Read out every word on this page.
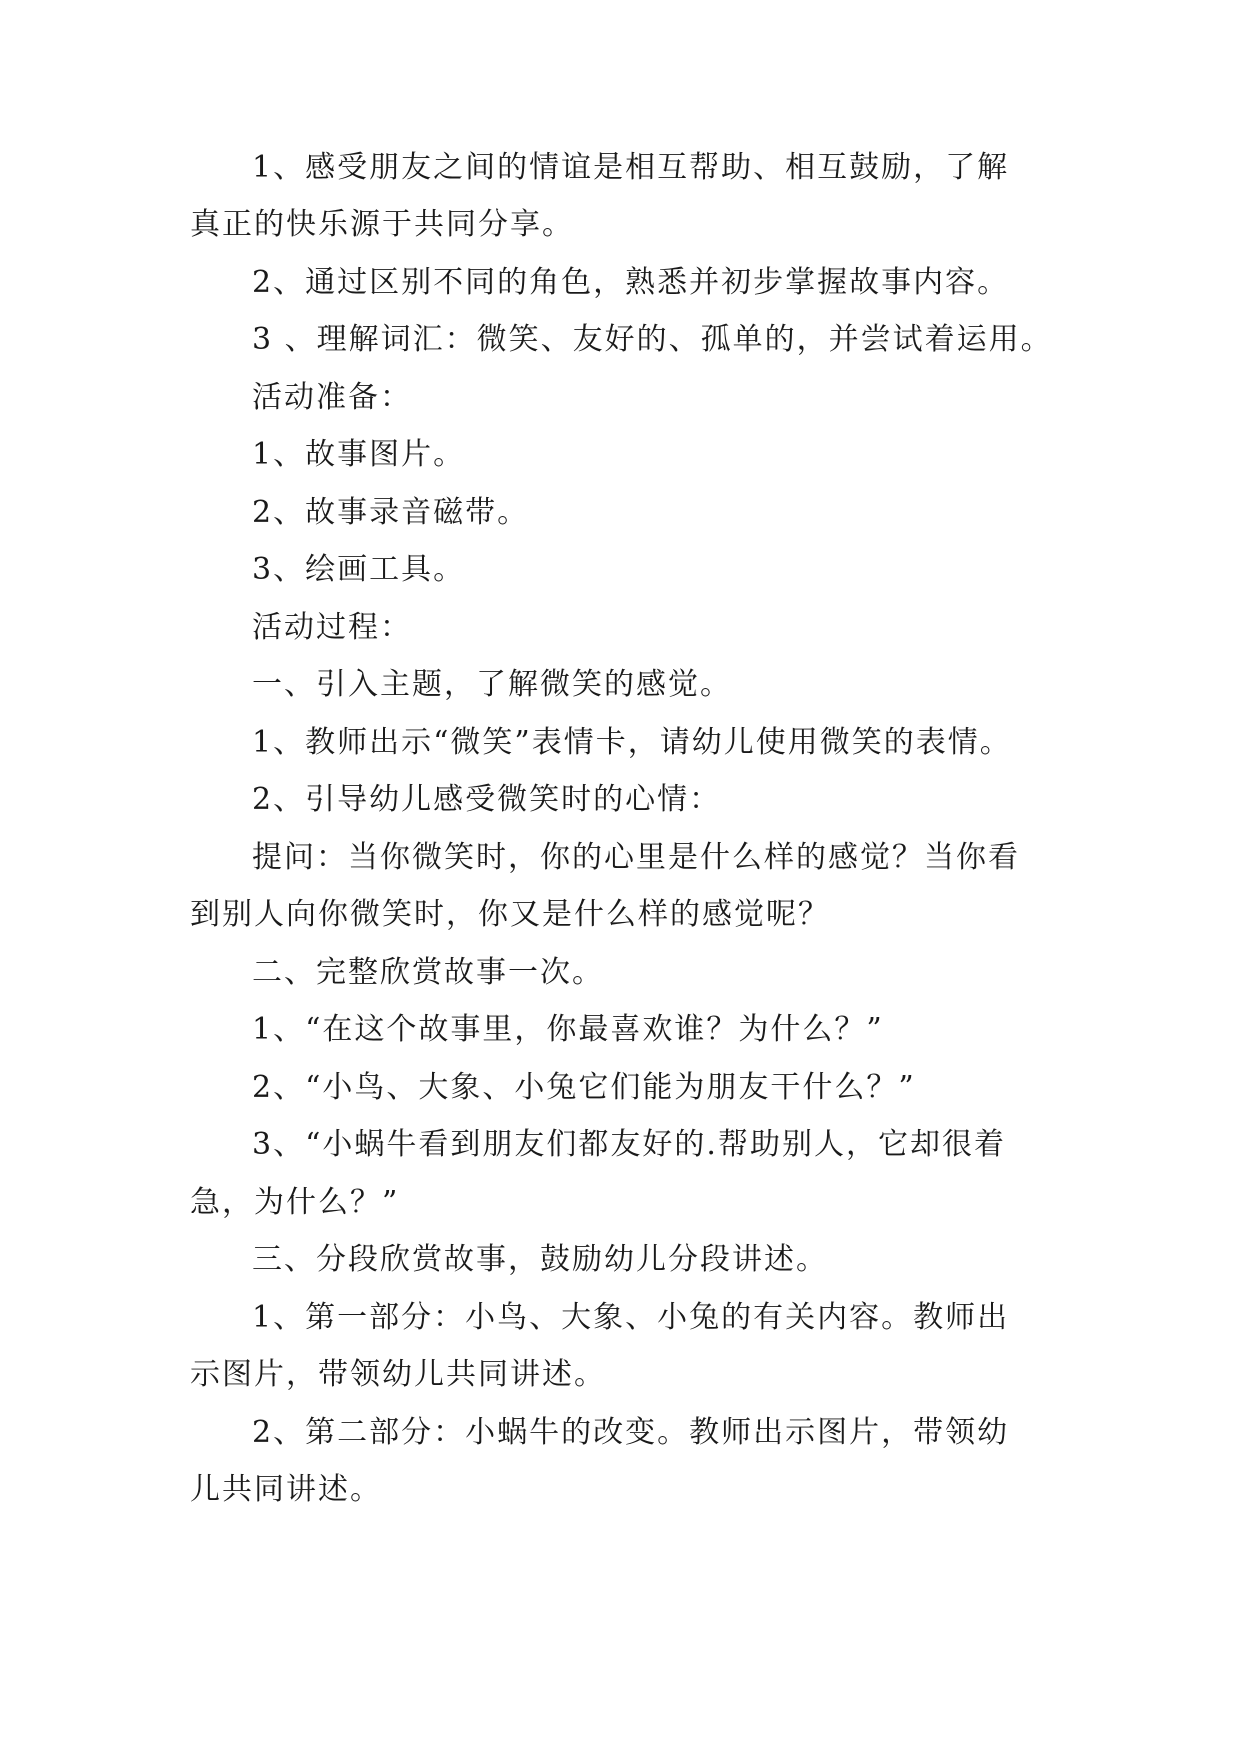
1、感受朋友之间的情谊是相互帮助、相互鼓励，了解
真正的快乐源于共同分享。
2、通过区别不同的角色，熟悉并初步掌握故事内容。
3 、理解词汇：微笑、友好的、孤单的，并尝试着运用。
活动准备：
1、故事图片。
2、故事录音磁带。
3、绘画工具。
活动过程：
一、引入主题，了解微笑的感觉。
1、教师出示“微笑”表情卡，请幼儿使用微笑的表情。
2、引导幼儿感受微笑时的心情：
提问：当你微笑时，你的心里是什么样的感觉？当你看
到别人向你微笑时，你又是什么样的感觉呢？
二、完整欣赏故事一次。
1、“在这个故事里，你最喜欢谁？为什么？”
2、“小鸟、大象、小兔它们能为朋友干什么？”
3、“小蜗牛看到朋友们都友好的.帮助别人，它却很着
急，为什么？”
三、分段欣赏故事，鼓励幼儿分段讲述。
1、第一部分：小鸟、大象、小兔的有关内容。教师出
示图片，带领幼儿共同讲述。
2、第二部分：小蜗牛的改变。教师出示图片，带领幼
儿共同讲述。
